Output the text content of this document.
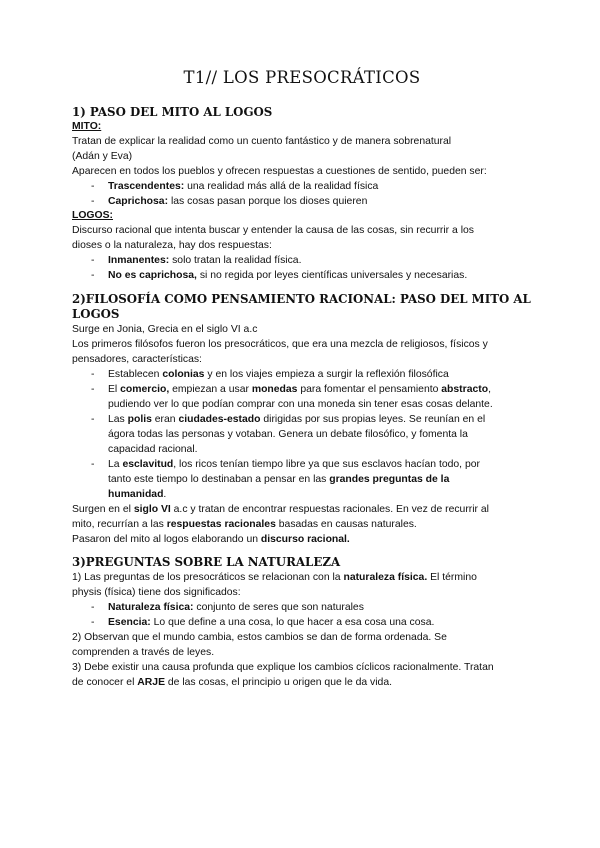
T1// LOS PRESOCRÁTICOS

1) PASO DEL MITO AL LOGOS

MITO:

Tratan de explicar la realidad como un cuento fantástico y de manera sobrenatural

(Adán y Eva)

Aparecen en todos los pueblos y ofrecen respuestas a cuestiones de sentido, pueden ser:

- Trascendentes: una realidad más allá de la realidad física
- Caprichosa: las cosas pasan porque los dioses quieren

LOGOS:

Discurso racional que intenta buscar y entender la causa de las cosas, sin recurrir a los

dioses o la naturaleza, hay dos respuestas:

- Inmanentes: solo tratan la realidad física.
- No es caprichosa, si no regida por leyes científicas universales y necesarias.

2)FILOSOFÍA COMO PENSAMIENTO RACIONAL: PASO DEL MITO AL

LOGOS

Surge en Jonia, Grecia en el siglo VI a.c

Los primeros filósofos fueron los presocráticos, que era una mezcla de religiosos, físicos y

pensadores, características:

- Establecen colonias y en los viajes empieza a surgir la reflexión filosófica
- El comercio, empiezan a usar monedas para fomentar el pensamiento abstracto,
pudiendo ver lo que podían comprar con una moneda sin tener esas cosas delante.
- Las polis eran ciudades-estado dirigidas por sus propias leyes. Se reunían en el
ágora todas las personas y votaban. Genera un debate filosófico, y fomenta la
capacidad racional.
- La esclavitud, los ricos tenían tiempo libre ya que sus esclavos hacían todo, por
tanto este tiempo lo destinaban a pensar en las grandes preguntas de la
humanidad.

Surgen en el siglo VI a.c y tratan de encontrar respuestas racionales. En vez de recurrir al
mito, recurrían a las respuestas racionales basadas en causas naturales.

Pasaron del mito al logos elaborando un discurso racional.

3)PREGUNTAS SOBRE LA NATURALEZA

1) Las preguntas de los presocráticos se relacionan con la naturaleza física. El término
physis (física) tiene dos significados:

- Naturaleza física: conjunto de seres que son naturales
- Esencia: Lo que define a una cosa, lo que hacer a esa cosa una cosa.

2) Observan que el mundo cambia, estos cambios se dan de forma ordenada. Se
comprenden a través de leyes.

3) Debe existir una causa profunda que explique los cambios cíclicos racionalmente. Tratan
de conocer el ARJE de las cosas, el principio u origen que le da vida.
